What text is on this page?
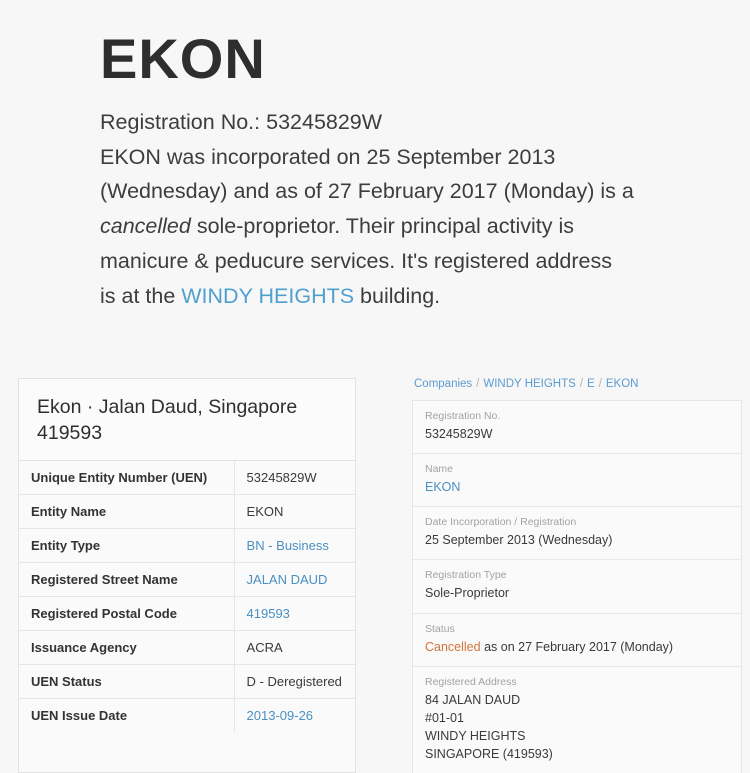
EKON
Registration No.: 53245829W
EKON was incorporated on 25 September 2013
(Wednesday) and as of 27 February 2017 (Monday) is a
cancelled sole-proprietor. Their principal activity is
manicure & peducure services. It's registered address
is at the WINDY HEIGHTS building.
Ekon · Jalan Daud, Singapore 419593
Unique Entity Number (UEN)	53245829W
Entity Name	EKON
Entity Type	BN - Business
Registered Street Name	JALAN DAUD
Registered Postal Code	419593
Issuance Agency	ACRA
UEN Status	D - Deregistered
UEN Issue Date	2013-09-26
Companies / WINDY HEIGHTS / E / EKON
Registration No.
53245829W
Name
EKON
Date Incorporation / Registration
25 September 2013 (Wednesday)
Registration Type
Sole-Proprietor
Status
Cancelled as on 27 February 2017 (Monday)
Registered Address
84 JALAN DAUD
#01-01
WINDY HEIGHTS
SINGAPORE (419593)
